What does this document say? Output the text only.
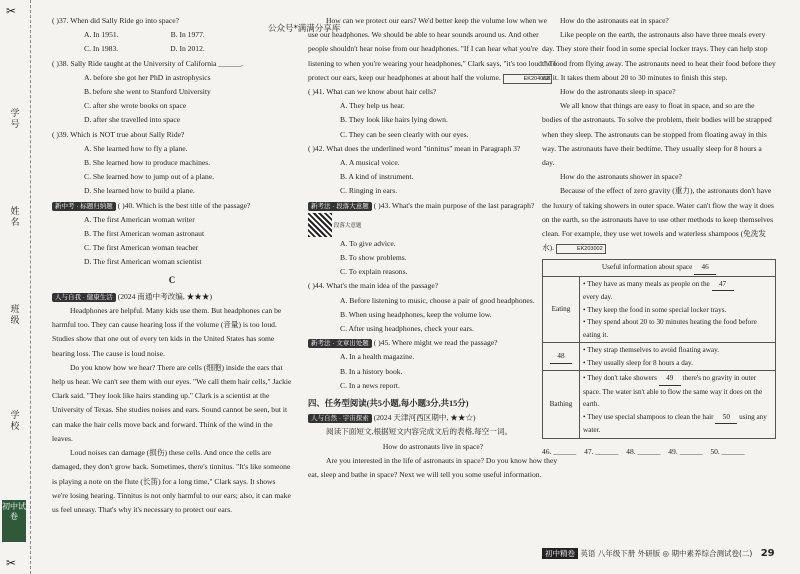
✂
学号
姓名
班级
学校
初中试卷
✂
公众号*满满分享库

( )37. When did Sally Ride go into space?

A. In 1951.	B. In 1977.

C. In 1983.	D. In 2012.

( )38. Sally Ride taught at the University of California ______.

A. before she got her PhD in astrophysics

B. before she went to Stanford University

C. after she wrote books on space

D. after she travelled into space

( )39. Which is NOT true about Sally Ride?

A. She learned how to fly a plane.

B. She learned how to produce machines.

C. She learned how to jump out of a plane.

D. She learned how to build a plane.

新中考 · 标题归纳题 ( )40. Which is the best title of the passage?

A. The first American woman writer

B. The first American woman astronaut

C. The first American woman teacher

D. The first American woman scientist

C

人与自我 · 健康生活 (2024 南通中考改编, ★★★)

Headphones are helpful. Many kids use them. But headphones can be harmful too. They can cause hearing loss if the volume (音量) is too loud. Studies show that one out of every ten kids in the United States has some hearing loss. The cause is loud noise.

Do you know how we hear? There are cells (细胞) inside the ears that help us hear. We can't see them with our eyes. "We call them hair cells," Jackie Clark said. "They look like hairs standing up." Clark is a scientist at the University of Texas. She studies noises and ears. Sound cannot be seen, but it can make the hair cells move back and forward. Think of the wind in the leaves.

Loud noises can damage (损伤) these cells. And once the cells are damaged, they don't grow back. Sometimes, there's tinnitus. "It's like someone is playing a note on the flute (长笛) for a long time," Clark says. It shows we're losing hearing. Tinnitus is not only harmful to our ears; also, it can make us feel uneasy. That's why it's necessary to protect our ears.

How can we protect our ears? We'd better keep the volume low when we use our headphones. We should be able to hear sounds around us. And other people shouldn't hear noise from our headphones. "If I can hear what you're listening to when you're wearing your headphones," Clark says, "it's too loud." To protect our ears, keep our headphones at about half the volume.	EK204002

( )41. What can we know about hair cells?

A. They help us hear.

B. They look like hairs lying down.

C. They can be seen clearly with our eyes.

( )42. What does the underlined word "tinnitus" mean in Paragraph 3?

A. A musical voice.

B. A kind of instrument.

C. Ringing in ears.

新考法 · 段落大意题 ( )43. What's the main purpose of the last paragraph?  段落大意题

A. To give advice.

B. To show problems.

C. To explain reasons.

( )44. What's the main idea of the passage?

A. Before listening to music, choose a pair of good headphones.

B. When using headphones, keep the volume low.

C. After using headphones, check your ears.

新考法 · 文章出处题 ( )45. Where might we read the passage?

A. In a health magazine.

B. In a history book.

C. In a news report.

四、任务型阅读(共5小题,每小题3分,共15分)

人与自然 · 宇宙探索 (2024 天津河西区期中, ★★☆)

阅读下面短文,根据短文内容完成文后的表格,每空一词。

How do astronauts live in space?

Are you interested in the life of astronauts in space? Do you know how they eat, sleep and bathe in space? Next we will tell you some useful information.

How do the astronauts eat in space?

Like people on the earth, the astronauts also have three meals every day. They store their food in some special locker trays. They can help stop the food from flying away. The astronauts need to heat their food before they eat it. It takes them about 20 to 30 minutes to finish this step.

How do the astronauts sleep in space?

We all know that things are easy to float in space, and so are the bodies of the astronauts. To solve the problem, their bodies will be strapped when they sleep. The astronauts can be stopped from floating away in this way. The astronauts have their bedtime. They usually sleep for 8 hours a day.

How do the astronauts shower in space?

Because of the effect of zero gravity (重力), the astronauts don't have the luxury of taking showers in outer space. Water can't flow the way it does on the earth, so the astronauts have to use other methods to keep themselves clean. For example, they use wet towels and waterless shampoos (免洗发水).	EK203002

Useful information about space 46	
Eating	• They have as many meals as people on the 47
every day.
• They keep the food in some special locker trays.
• They spend about 20 to 30 minutes heating the food before eating it.
48	• They strap themselves to avoid floating away.
• They usually sleep for 8 hours a day.
Bathing	• They don't take showers 49 there's no gravity in outer space. The water isn't able to flow the same way it does on the earth.
• They use special shampoos to clean the hair 50 using any water.
46. ______ 47. ______ 48. ______ 49. ______ 50. ______
初中精卷 英语 八年级下册 外研版 ◎ 期中素养综合测试卷(二) 29
